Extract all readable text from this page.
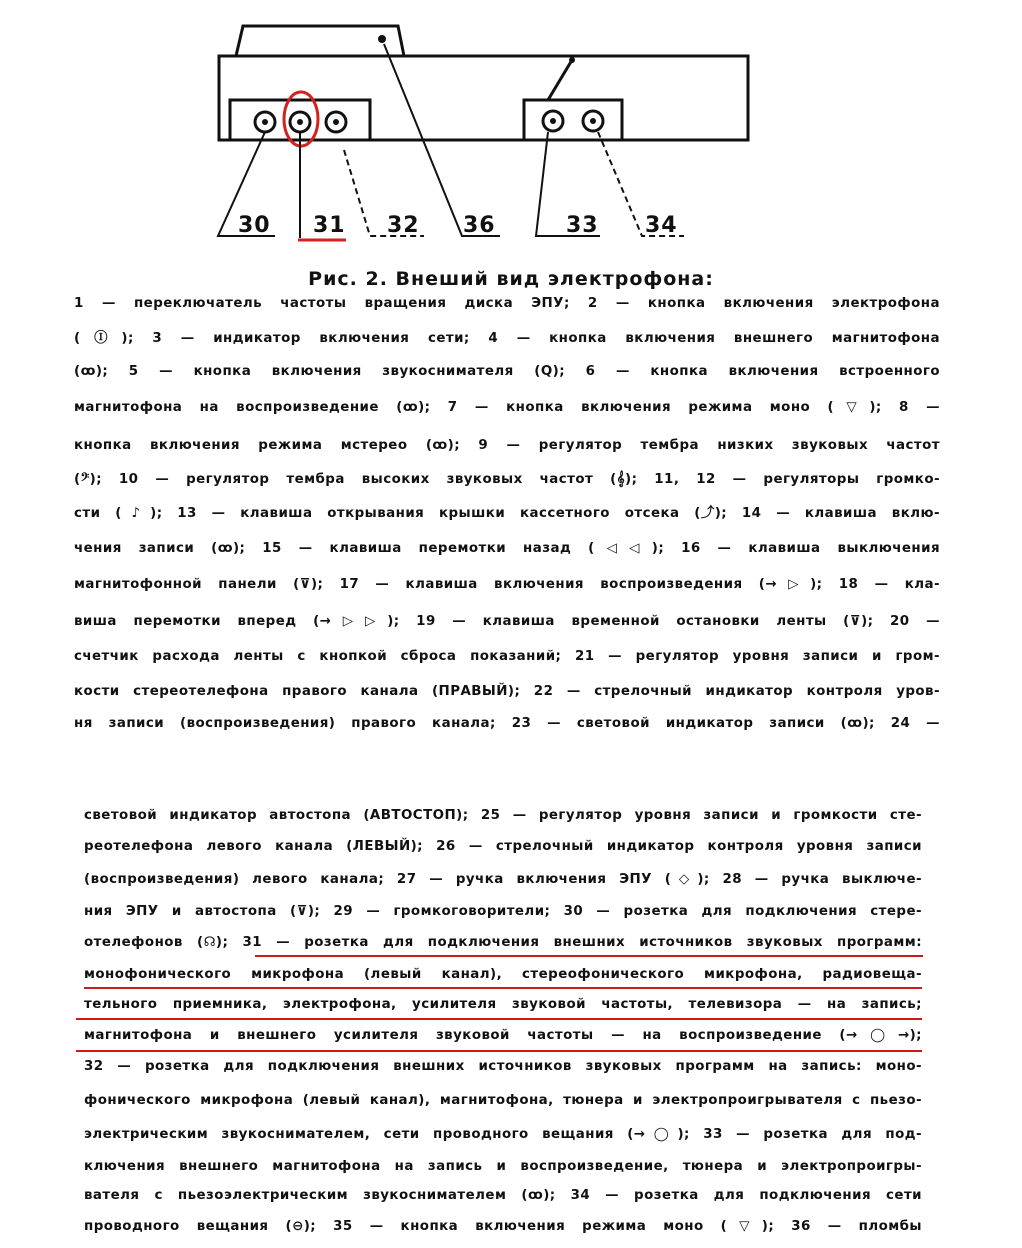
30 31 32 36	33 34
Рис. 2. Внеший вид электрофона:
1 — переключатель частоты вращения диска ЭПУ; 2 — кнопка включения электрофона
(Ⓘ); 3 — индикатор включения сети; 4 — кнопка включения внешнего магнитофона
(ꝏ); 5 — кнопка включения звукоснимателя (Q); 6 — кнопка включения встроенного
магнитофона на воспроизведение (ꝏ); 7 — кнопка включения режима моно (▽); 8 —
кнопка включения режима мстерео (ꝏ); 9 — регулятор тембра низких звуковых частот
(𝄢); 10 — регулятор тембра высоких звуковых частот (𝄞); 11, 12 — регуляторы громко-
сти (♪); 13 — клавиша открывания крышки кассетного отсека (⤴); 14 — клавиша вклю-
чения записи (ꝏ); 15 — клавиша перемотки назад (◁◁); 16 — клавиша выключения
магнитофонной панели (⊽); 17 — клавиша включения воспроизведения (→▷); 18 — кла-
виша перемотки вперед (→▷▷); 19 — клавиша временной остановки ленты (⊽); 20 —
счетчик расхода ленты с кнопкой сброса показаний; 21 — регулятор уровня записи и гром-
кости стереотелефона правого канала (ПРАВЫЙ); 22 — стрелочный индикатор контроля уров-
ня записи (воспроизведения) правого канала; 23 — световой индикатор записи (ꝏ); 24 —
световой индикатор автостопа (АВТОСТОП); 25 — регулятор уровня записи и громкости сте-
реотелефона левого канала (ЛЕВЫЙ); 26 — стрелочный индикатор контроля уровня записи
(воспроизведения) левого канала; 27 — ручка включения ЭПУ (◇); 28 — ручка выключе-
ния ЭПУ и автостопа (⊽); 29 — громкоговорители; 30 — розетка для подключения стере-
отелефонов (☊); 31 — розетка для подключения внешних источников звуковых программ:
монофонического микрофона (левый канал), стереофонического микрофона, радиовеща-
тельного приемника, электрофона, усилителя звуковой частоты, телевизора — на запись;
магнитофона и внешнего усилителя звуковой частоты — на воспроизведение (→◯→);
32 — розетка для подключения внешних источников звуковых программ на запись: моно-
фонического микрофона (левый канал), магнитофона, тюнера и электропроигрывателя с пьезо-
электрическим звукоснимателем, сети проводного вещания (→◯); 33 — розетка для под-
ключения внешнего магнитофона на запись и воспроизведение, тюнера и электропроигры-
вателя с пьезоэлектрическим звукоснимателем (ꝏ); 34 — розетка для подключения сети
проводного вещания (⊖); 35 — кнопка включения режима моно (▽); 36 — пломбы
